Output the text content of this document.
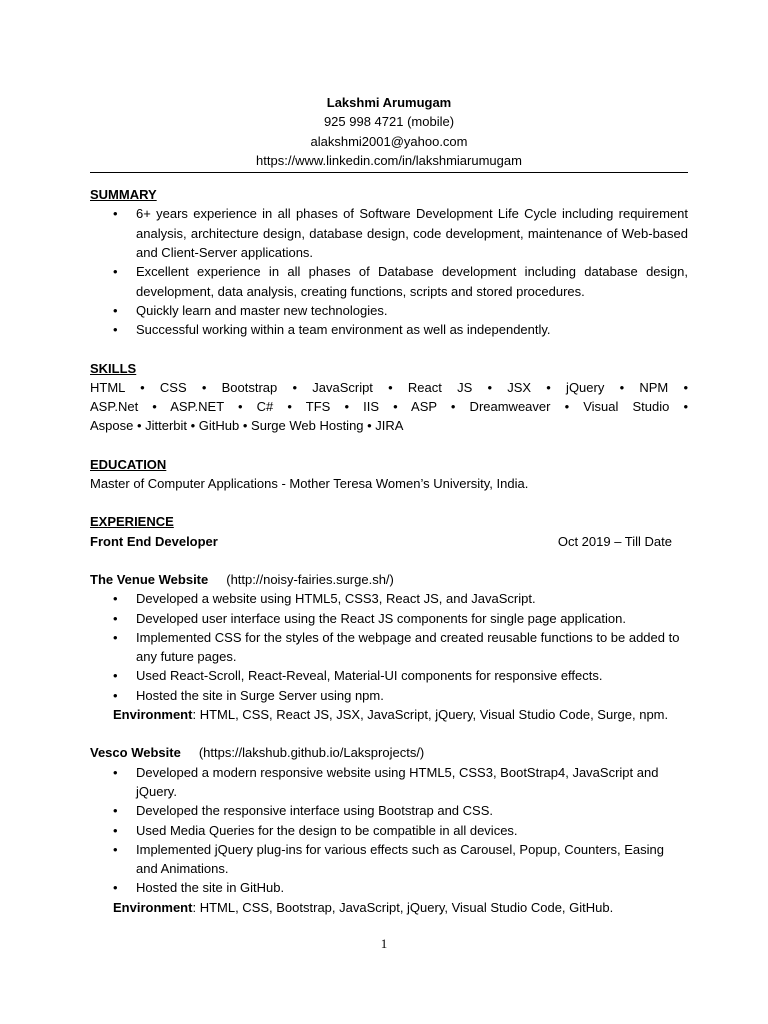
Lakshmi Arumugam
925 998 4721 (mobile)
alakshmi2001@yahoo.com
https://www.linkedin.com/in/lakshmiarumugam
SUMMARY
• 6+ years experience in all phases of Software Development Life Cycle including requirement analysis, architecture design, database design, code development, maintenance of Web-based and Client-Server applications.
• Excellent experience in all phases of Database development including database design, development, data analysis, creating functions, scripts and stored procedures.
• Quickly learn and master new technologies.
• Successful working within a team environment as well as independently.
SKILLS
HTML • CSS • Bootstrap • JavaScript • React JS • JSX • jQuery • NPM •
ASP.Net • ASP.NET • C# • TFS • IIS • ASP • Dreamweaver • Visual Studio •
Aspose • Jitterbit • GitHub • Surge Web Hosting • JIRA
EDUCATION
Master of Computer Applications - Mother Teresa Women’s University, India.
EXPERIENCE
Front End Developer	Oct 2019 – Till Date
The Venue Website (http://noisy-fairies.surge.sh/)
• Developed a website using HTML5, CSS3, React JS, and JavaScript.
• Developed user interface using the React JS components for single page application.
• Implemented CSS for the styles of the webpage and created reusable functions to be added to any future pages.
• Used React-Scroll, React-Reveal, Material-UI components for responsive effects.
• Hosted the site in Surge Server using npm.
Environment: HTML, CSS, React JS, JSX, JavaScript, jQuery, Visual Studio Code, Surge, npm.
Vesco Website (https://lakshub.github.io/Laksprojects/)
• Developed a modern responsive website using HTML5, CSS3, BootStrap4, JavaScript and jQuery.
• Developed the responsive interface using Bootstrap and CSS.
• Used Media Queries for the design to be compatible in all devices.
• Implemented jQuery plug-ins for various effects such as Carousel, Popup, Counters, Easing and Animations.
• Hosted the site in GitHub.
Environment: HTML, CSS, Bootstrap, JavaScript, jQuery, Visual Studio Code, GitHub.
1
